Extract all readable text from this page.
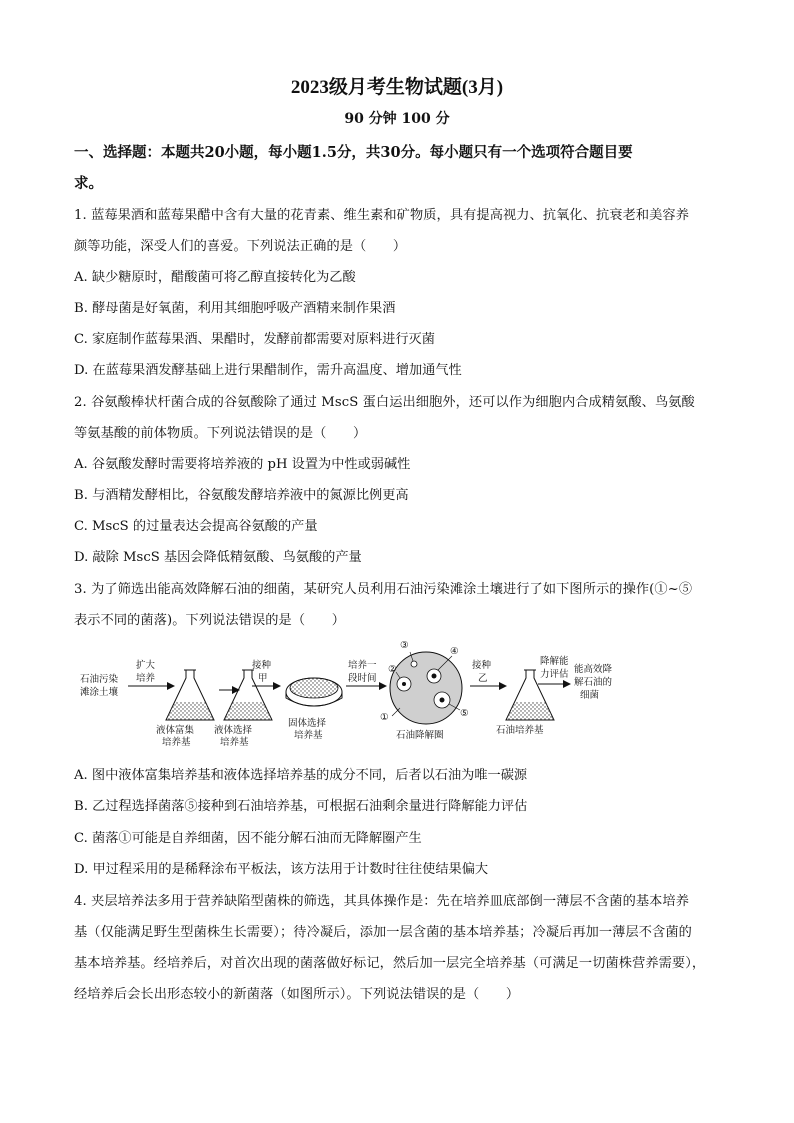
2023级月考生物试题(3月)
90 分钟 100 分
一、选择题：本题共20小题，每小题1.5分，共30分。每小题只有一个选项符合题目要
求。
1. 蓝莓果酒和蓝莓果醋中含有大量的花青素、维生素和矿物质，具有提高视力、抗氧化、抗衰老和美容养
颜等功能，深受人们的喜爱。下列说法正确的是（　　）
A. 缺少糖原时，醋酸菌可将乙醇直接转化为乙酸
B. 酵母菌是好氧菌，利用其细胞呼吸产酒精来制作果酒
C. 家庭制作蓝莓果酒、果醋时，发酵前都需要对原料进行灭菌
D. 在蓝莓果酒发酵基础上进行果醋制作，需升高温度、增加通气性
2. 谷氨酸棒状杆菌合成的谷氨酸除了通过 MscS 蛋白运出细胞外，还可以作为细胞内合成精氨酸、鸟氨酸
等氨基酸的前体物质。下列说法错误的是（　　）
A. 谷氨酸发酵时需要将培养液的 pH 设置为中性或弱碱性
B. 与酒精发酵相比，谷氨酸发酵培养液中的氮源比例更高
C. MscS 的过量表达会提高谷氨酸的产量
D. 敲除 MscS 基因会降低精氨酸、鸟氨酸的产量
3. 为了筛选出能高效降解石油的细菌，某研究人员利用石油污染滩涂土壤进行了如下图所示的操作(①~⑤
表示不同的菌落)。下列说法错误的是（　　）
石油污染
滩涂土壤
扩大
培养
液体富集
培养基
液体选择
培养基
接种
甲
固体选择
培养基
培养一
段时间
①
②
③
④
⑤
石油降解圈
接种
乙
石油培养基
降解能
力评估 能高效降
解石油的
细菌
A. 图中液体富集培养基和液体选择培养基的成分不同，后者以石油为唯一碳源
B. 乙过程选择菌落⑤接种到石油培养基，可根据石油剩余量进行降解能力评估
C. 菌落①可能是自养细菌，因不能分解石油而无降解圈产生
D. 甲过程采用的是稀释涂布平板法，该方法用于计数时往往使结果偏大
4. 夹层培养法多用于营养缺陷型菌株的筛选，其具体操作是：先在培养皿底部倒一薄层不含菌的基本培养
基（仅能满足野生型菌株生长需要）；待冷凝后，添加一层含菌的基本培养基；冷凝后再加一薄层不含菌的
基本培养基。经培养后，对首次出现的菌落做好标记，然后加一层完全培养基（可满足一切菌株营养需要），
经培养后会长出形态较小的新菌落（如图所示）。下列说法错误的是（　　）
